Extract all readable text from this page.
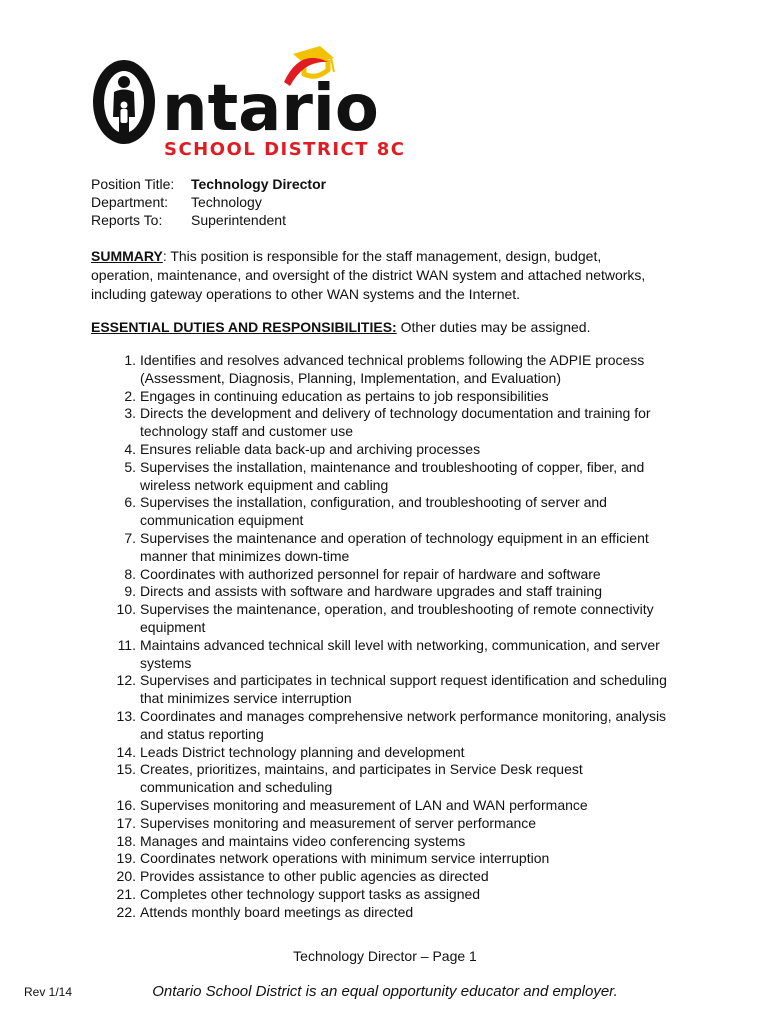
ntario
SCHOOL DISTRICT 8C
Position Title: Technology Director
Department: Technology
Reports To: Superintendent
SUMMARY: This position is responsible for the staff management, design, budget, operation, maintenance, and oversight of the district WAN system and attached networks, including gateway operations to other WAN systems and the Internet.
ESSENTIAL DUTIES AND RESPONSIBILITIES: Other duties may be assigned.
1. Identifies and resolves advanced technical problems following the ADPIE process (Assessment, Diagnosis, Planning, Implementation, and Evaluation)
2. Engages in continuing education as pertains to job responsibilities
3. Directs the development and delivery of technology documentation and training for technology staff and customer use
4. Ensures reliable data back-up and archiving processes
5. Supervises the installation, maintenance and troubleshooting of copper, fiber, and wireless network equipment and cabling
6. Supervises the installation, configuration, and troubleshooting of server and communication equipment
7. Supervises the maintenance and operation of technology equipment in an efficient manner that minimizes down-time
8. Coordinates with authorized personnel for repair of hardware and software
9. Directs and assists with software and hardware upgrades and staff training
10. Supervises the maintenance, operation, and troubleshooting of remote connectivity equipment
11. Maintains advanced technical skill level with networking, communication, and server systems
12. Supervises and participates in technical support request identification and scheduling that minimizes service interruption
13. Coordinates and manages comprehensive network performance monitoring, analysis and status reporting
14. Leads District technology planning and development
15. Creates, prioritizes, maintains, and participates in Service Desk request communication and scheduling
16. Supervises monitoring and measurement of LAN and WAN performance
17. Supervises monitoring and measurement of server performance
18. Manages and maintains video conferencing systems
19. Coordinates network operations with minimum service interruption
20. Provides assistance to other public agencies as directed
21. Completes other technology support tasks as assigned
22. Attends monthly board meetings as directed
Technology Director – Page 1
Rev 1/14	Ontario School District is an equal opportunity educator and employer.
